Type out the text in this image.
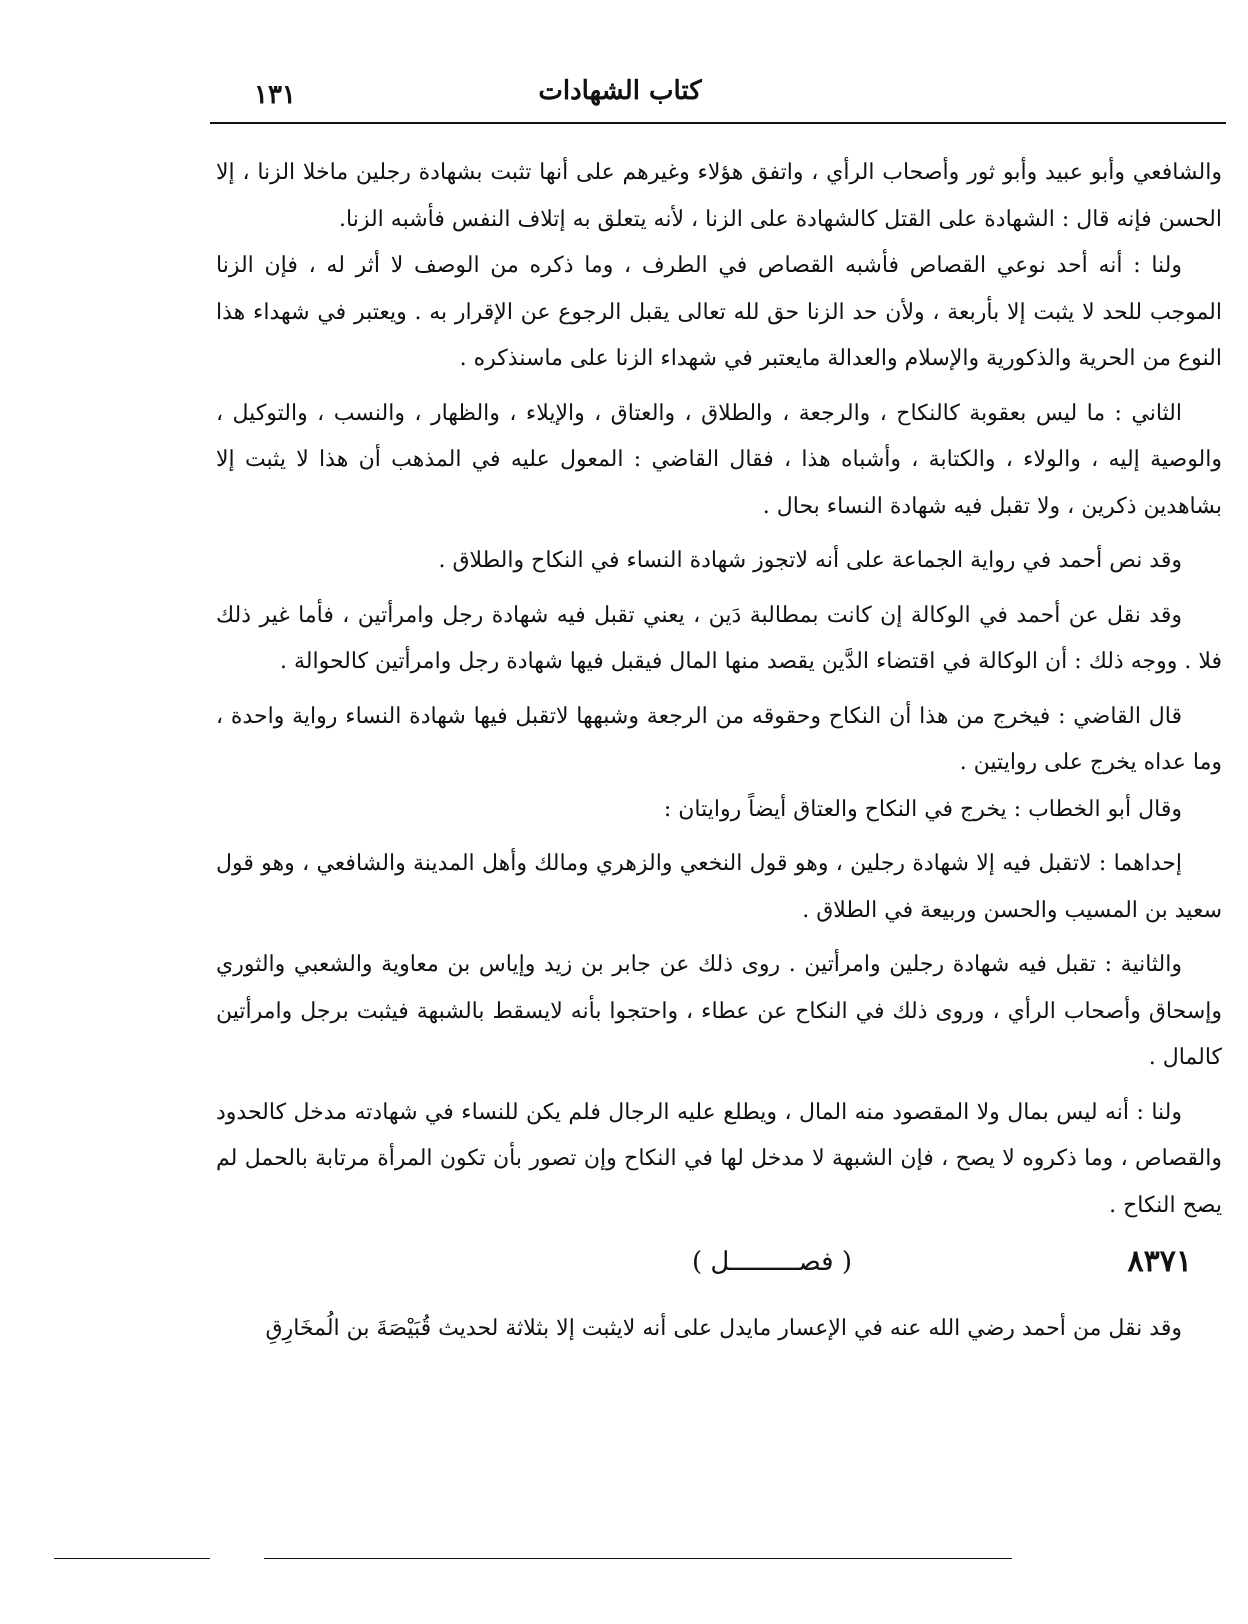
١٣١	كتاب الشهادات

والشافعي وأبو عبيد وأبو ثور وأصحاب الرأي ، واتفق هؤلاء وغيرهم على أنها تثبت بشهادة رجلين ماخلا الزنا ، إلا الحسن فإنه قال : الشهادة على القتل كالشهادة على الزنا ، لأنه يتعلق به إتلاف النفس فأشبه الزنا.

ولنا : أنه أحد نوعي القصاص فأشبه القصاص في الطرف ، وما ذكره من الوصف لا أثر له ، فإن الزنا الموجب للحد لا يثبت إلا بأربعة ، ولأن حد الزنا حق لله تعالى يقبل الرجوع عن الإقرار به . ويعتبر في شهداء هذا النوع من الحرية والذكورية والإسلام والعدالة مايعتبر في شهداء الزنا على ماسنذكره .

الثاني : ما ليس بعقوبة كالنكاح ، والرجعة ، والطلاق ، والعتاق ، والإيلاء ، والظهار ، والنسب ، والتوكيل ، والوصية إليه ، والولاء ، والكتابة ، وأشباه هذا ، فقال القاضي : المعول عليه في المذهب أن هذا لا يثبت إلا بشاهدين ذكرين ، ولا تقبل فيه شهادة النساء بحال .

وقد نص أحمد في رواية الجماعة على أنه لاتجوز شهادة النساء في النكاح والطلاق .

وقد نقل عن أحمد في الوكالة إن كانت بمطالبة دَين ، يعني تقبل فيه شهادة رجل وامرأتين ، فأما غير ذلك فلا . ووجه ذلك : أن الوكالة في اقتضاء الدَّين يقصد منها المال فيقبل فيها شهادة رجل وامرأتين كالحوالة .

قال القاضي : فيخرج من هذا أن النكاح وحقوقه من الرجعة وشبهها لاتقبل فيها شهادة النساء رواية واحدة ، وما عداه يخرج على روايتين .

وقال أبو الخطاب : يخرج في النكاح والعتاق أيضاً روايتان :

إحداهما : لاتقبل فيه إلا شهادة رجلين ، وهو قول النخعي والزهري ومالك وأهل المدينة والشافعي ، وهو قول سعيد بن المسيب والحسن وربيعة في الطلاق .

والثانية : تقبل فيه شهادة رجلين وامرأتين . روى ذلك عن جابر بن زيد وإياس بن معاوية والشعبي والثوري وإسحاق وأصحاب الرأي ، وروى ذلك في النكاح عن عطاء ، واحتجوا بأنه لايسقط بالشبهة فيثبت برجل وامرأتين كالمال .

ولنا : أنه ليس بمال ولا المقصود منه المال ، ويطلع عليه الرجال فلم يكن للنساء في شهادته مدخل كالحدود والقصاص ، وما ذكروه لا يصح ، فإن الشبهة لا مدخل لها في النكاح وإن تصور بأن تكون المرأة مرتابة بالحمل لم يصح النكاح .

٨٣٧١
( فصـــــــــل )

وقد نقل من أحمد رضي الله عنه في الإعسار مايدل على أنه لايثبت إلا بثلاثة لحديث قُبَيْصَةَ بن الُمخَارِقِ
